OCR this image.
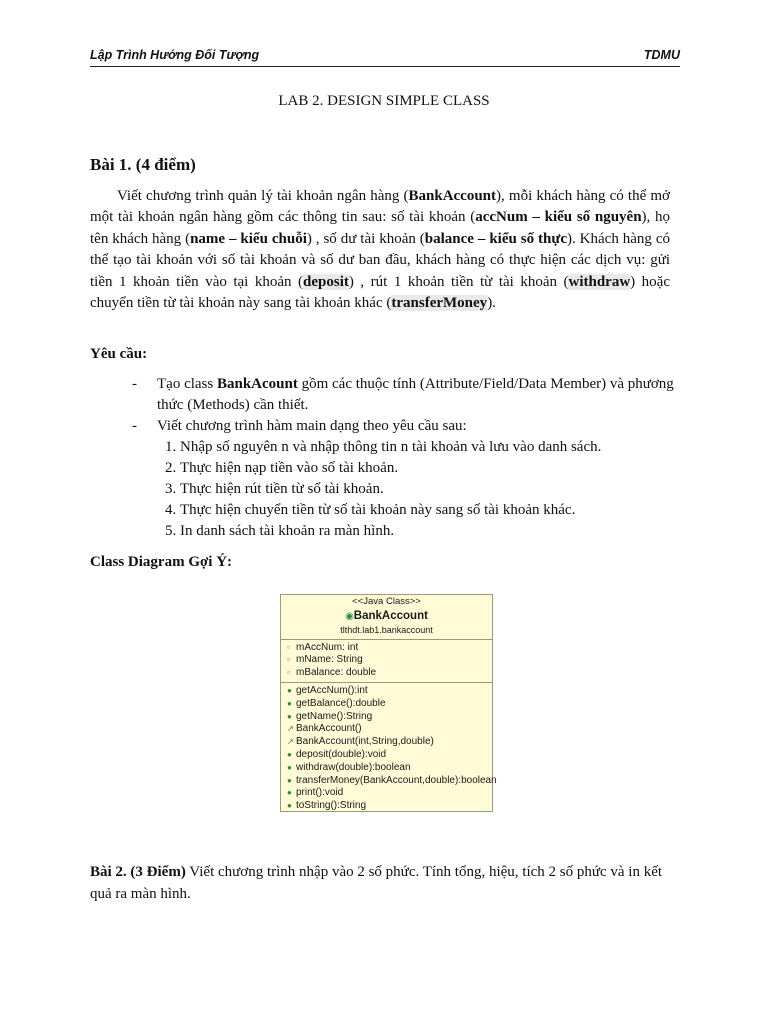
Lập Trình Hướng Đối Tượng	TDMU
LAB 2. DESIGN SIMPLE CLASS
Bài 1. (4 điểm)
Viết chương trình quản lý tài khoản ngân hàng (BankAccount), mỗi khách hàng có thể mở một tài khoản ngân hàng gồm các thông tin sau: số tài khoản (accNum – kiểu số nguyên), họ tên khách hàng (name – kiểu chuỗi) , số dư tài khoản (balance – kiểu số thực). Khách hàng có thể tạo tài khoản với số tài khoản và số dư ban đầu, khách hàng có thực hiện các dịch vụ: gửi tiền 1 khoản tiền vào tại khoản (deposit) , rút 1 khoản tiền từ tài khoản (withdraw) hoặc chuyển tiền từ tài khoản này sang tài khoản khác (transferMoney).
Yêu cầu:
- Tạo class BankAcount gồm các thuộc tính (Attribute/Field/Data Member) và phương thức (Methods) cần thiết.
- Viết chương trình hàm main dạng theo yêu cầu sau:
1. Nhập số nguyên n và nhập thông tin n tài khoản và lưu vào danh sách.
2. Thực hiện nạp tiền vào số tài khoản.
3. Thực hiện rút tiền từ số tài khoản.
4. Thực hiện chuyển tiền từ số tài khoản này sang số tài khoản khác.
5. In danh sách tài khoản ra màn hình.
Class Diagram Gợi Ý:
<<Java Class>>
◉BankAccount
tlthdt.lab1.bankaccount
▫ mAccNum: int
▫ mName: String
▫ mBalance: double
● getAccNum():int
● getBalance():double
● getName():String
↗ BankAccount()
↗ BankAccount(int,String,double)
● deposit(double):void
● withdraw(double):boolean
● transferMoney(BankAccount,double):boolean
● print():void
● toString():String
Bài 2. (3 Điểm) Viết chương trình nhập vào 2 số phức. Tính tổng, hiệu, tích 2 số phức và in kết quả ra màn hình.
